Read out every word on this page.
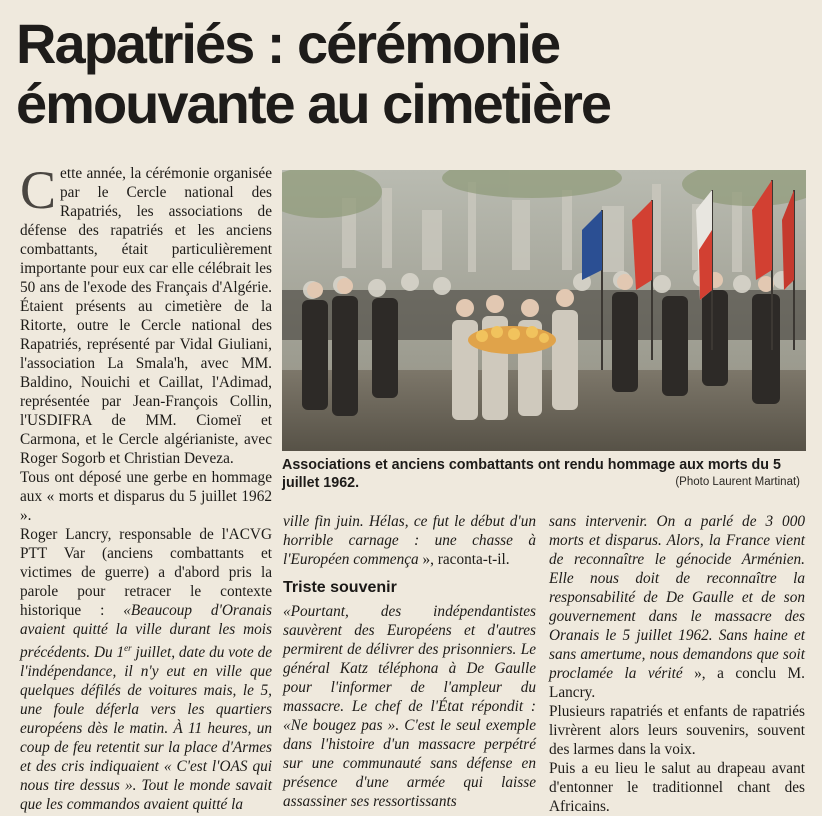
Rapatriés : cérémonie
émouvante au cimetière

Cette année, la cérémonie organisée par le Cercle national des Rapatriés, les associations de défense des rapatriés et les anciens combattants, était particulièrement importante pour eux car elle célébrait les 50 ans de l'exode des Français d'Algérie. Étaient présents au cimetière de la Ritorte, outre le Cercle national des Rapatriés, représenté par Vidal Giuliani, l'association La Smala'h, avec MM. Baldino, Nouichi et Caillat, l'Adimad, représentée par Jean-François Collin, l'USDIFRA de MM. Ciomeï et Carmona, et le Cercle algérianiste, avec Roger Sogorb et Christian Deveza.

Tous ont déposé une gerbe en hommage aux « morts et disparus du 5 juillet 1962 ».

Roger Lancry, responsable de l'ACVG PTT Var (anciens combattants et victimes de guerre) a d'abord pris la parole pour retracer le contexte historique : «Beaucoup d'Oranais avaient quitté la ville durant les mois précédents. Du 1er juillet, date du vote de l'indépendance, il n'y eut en ville que quelques défilés de voitures mais, le 5, une foule déferla vers les quartiers européens dès le matin. À 11 heures, un coup de feu retentit sur la place d'Armes et des cris indiquaient « C'est l'OAS qui nous tire dessus ». Tout le monde savait que les commandos avaient quitté la

Associations et anciens combattants ont rendu hommage aux morts du 5 juillet 1962.	(Photo Laurent Martinat)

ville fin juin. Hélas, ce fut le début d'un horrible carnage : une chasse à l'Européen commença », raconta-t-il.

Triste souvenir

«Pourtant, des indépendantistes sauvèrent des Européens et d'autres permirent de délivrer des prisonniers. Le général Katz téléphona à De Gaulle pour l'informer de l'ampleur du massacre. Le chef de l'État répondit : «Ne bougez pas ». C'est le seul exemple dans l'histoire d'un massacre perpétré sur une communauté sans défense en présence d'une armée qui laisse assassiner ses ressortissants

sans intervenir. On a parlé de 3 000 morts et disparus. Alors, la France vient de reconnaître le génocide Arménien. Elle nous doit de reconnaître la responsabilité de De Gaulle et de son gouvernement dans le massacre des Oranais le 5 juillet 1962. Sans haine et sans amertume, nous demandons que soit proclamée la vérité », a conclu M. Lancry.

Plusieurs rapatriés et enfants de rapatriés livrèrent alors leurs souvenirs, souvent des larmes dans la voix.

Puis a eu lieu le salut au drapeau avant d'entonner le traditionnel chant des Africains.
